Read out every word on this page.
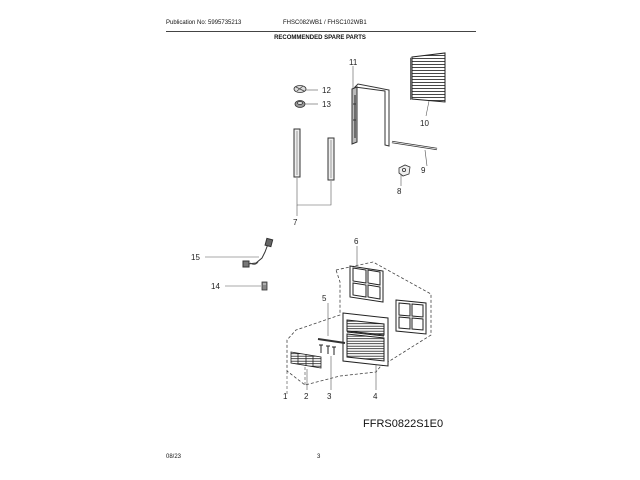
Publication No: 5995735213	FHSC082WB1 / FHSC102WB1
RECOMMENDED SPARE PARTS
10
11
9
8
12
13
7
15
14
6
4
5
3
2
1
FFRS0822S1E0
08/23	3
